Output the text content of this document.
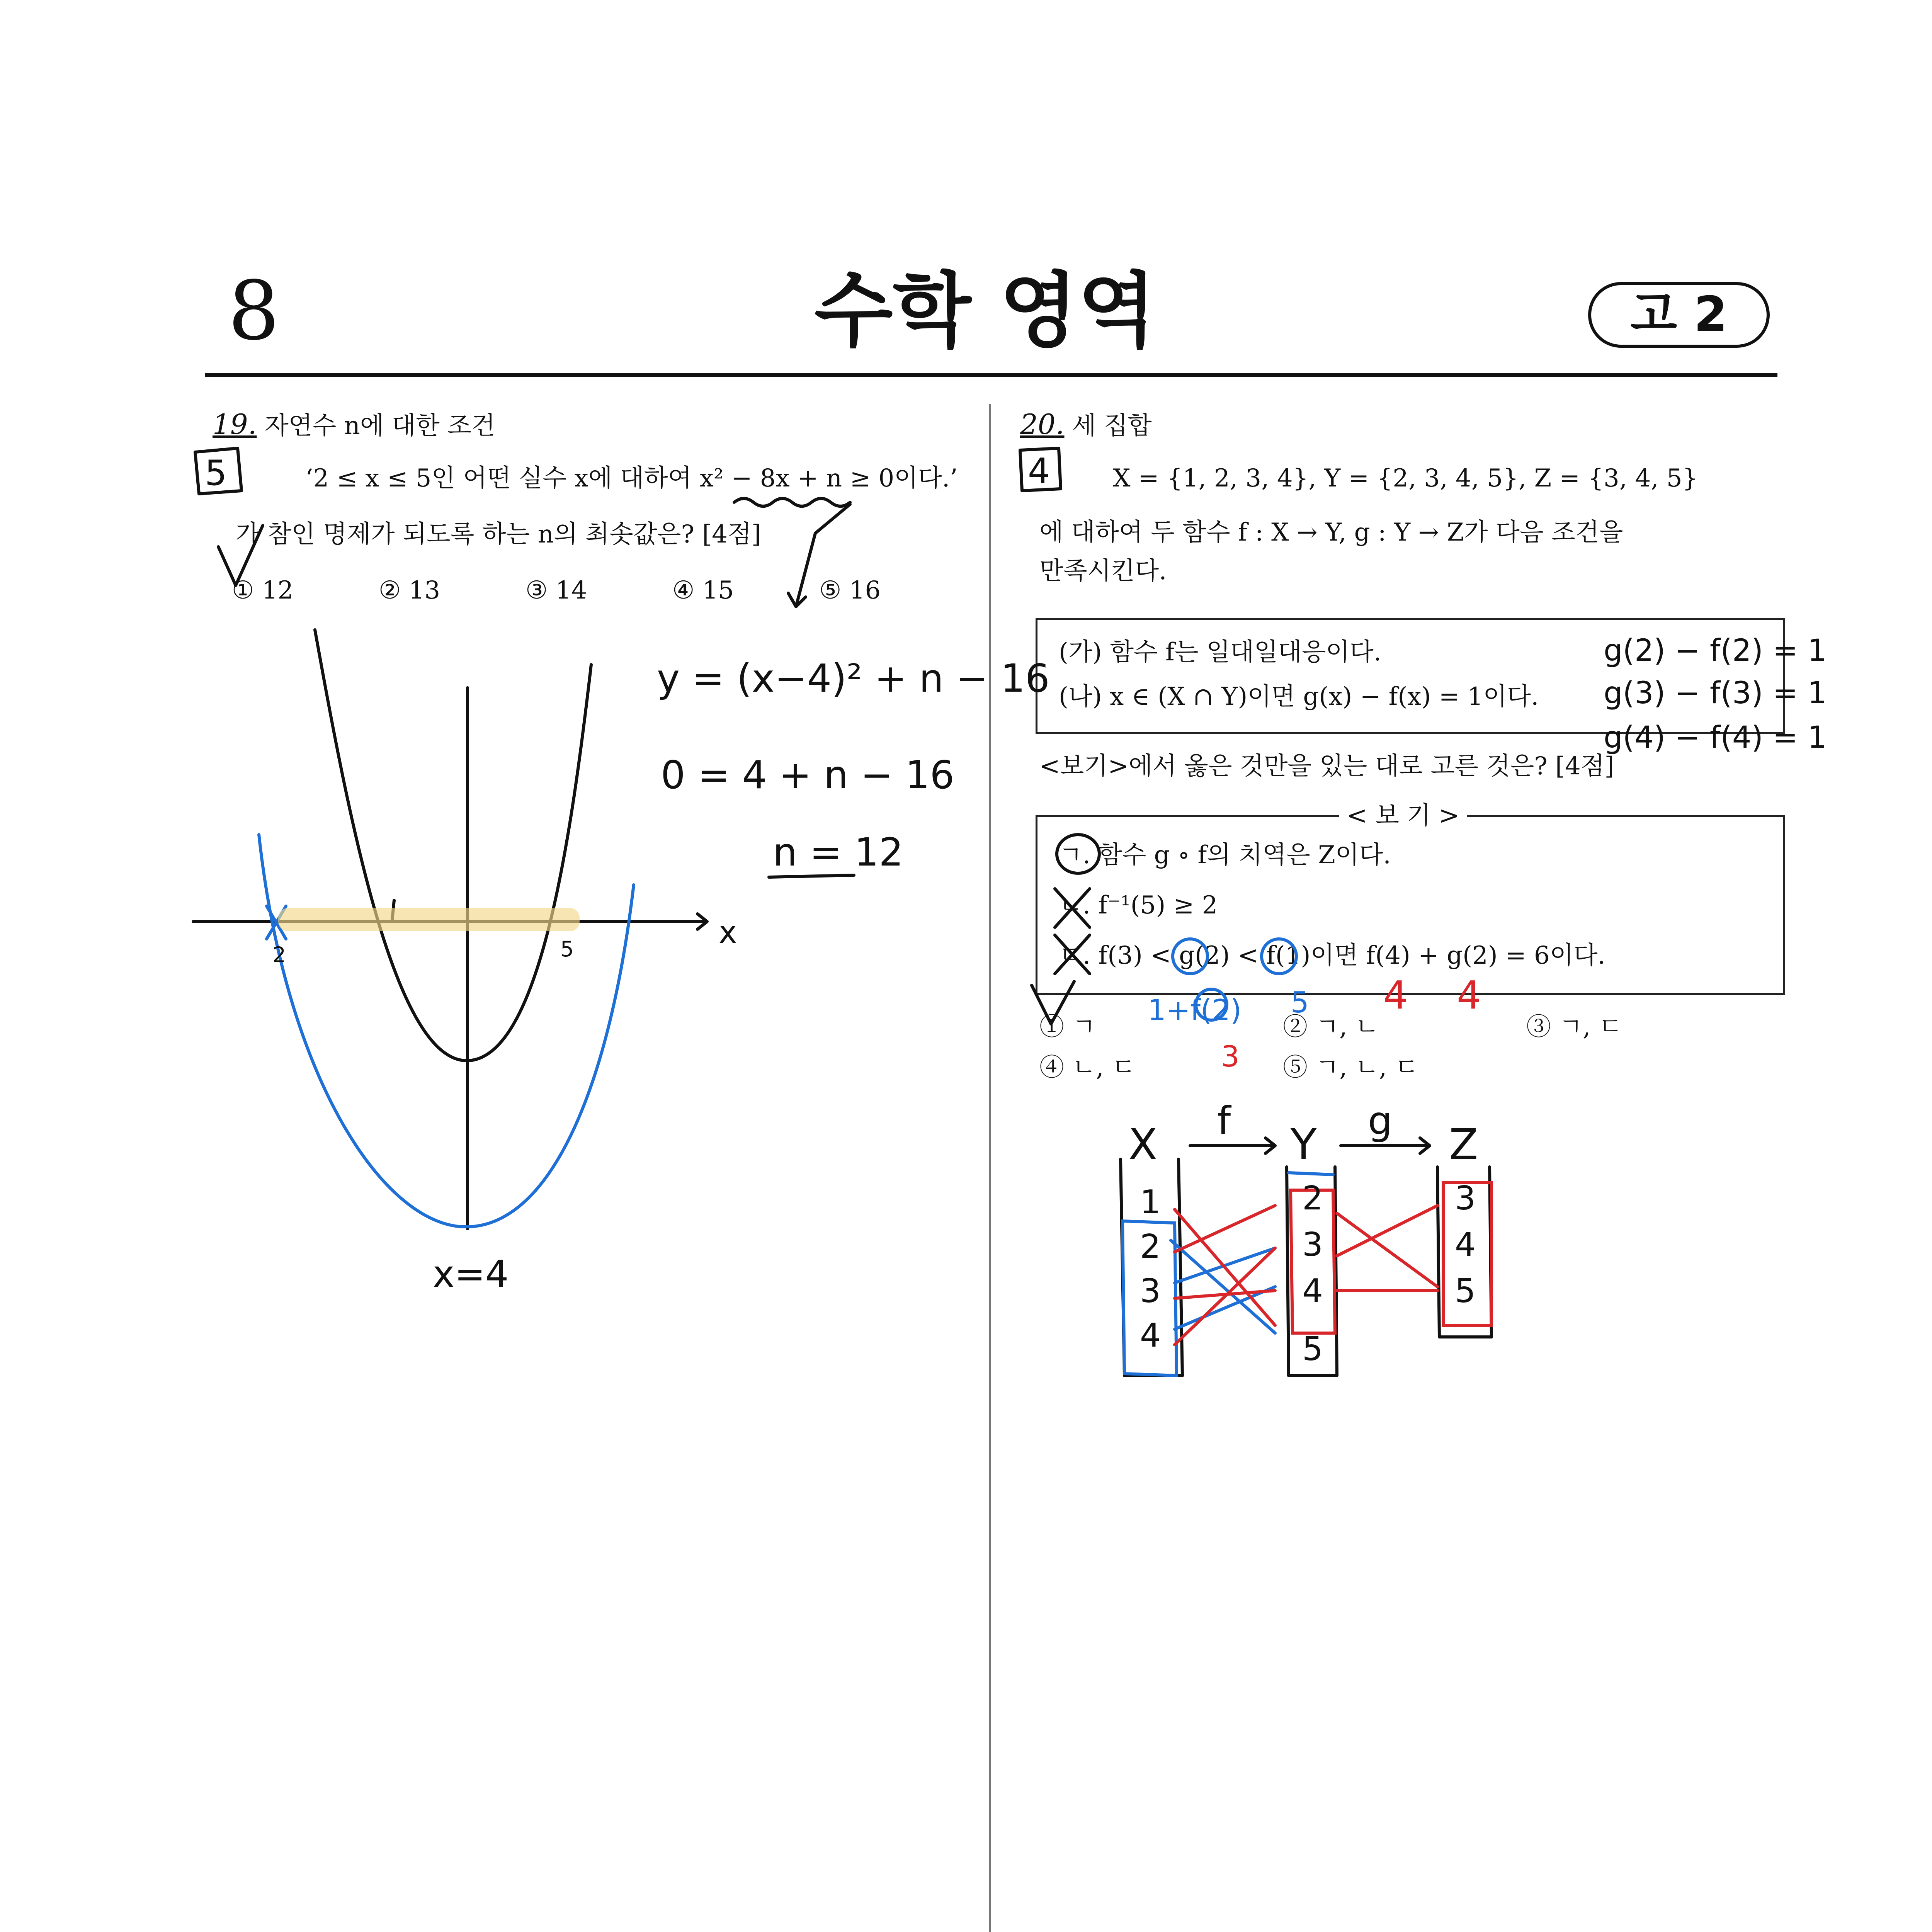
8	수학 영역	고 2
19. 자연수 n에 대한 조건
‘2 ≤ x ≤ 5인 어떤 실수 x에 대하여 x² − 8x + n ≥ 0이다.’
가 참인 명제가 되도록 하는 n의 최솟값은? [4점]
① 12	② 13	③ 14	④ 15	⑤ 16
20. 세 집합
X = {1, 2, 3, 4}, Y = {2, 3, 4, 5}, Z = {3, 4, 5}
에 대하여 두 함수 f : X → Y, g : Y → Z가 다음 조건을
만족시킨다.
(가) 함수 f는 일대일대응이다.
(나) x ∈ (X ∩ Y)이면 g(x) − f(x) = 1이다.
<보기>에서 옳은 것만을 있는 대로 고른 것은? [4점]
< 보 기 >
ㄱ. 함수 g ∘ f의 치역은 Z이다.
ㄴ. f⁻¹(5) ≥ 2
ㄷ. f(3) < g(2) < f(1)이면 f(4) + g(2) = 6이다.
① ㄱ	② ㄱ, ㄴ	③ ㄱ, ㄷ
④ ㄴ, ㄷ	⑤ ㄱ, ㄴ, ㄷ
5
y = (x−4)² + n − 16
0 = 4 + n − 16
n = 12
x
2	5
x=4
4
g(2) − f(2) = 1
g(3) − f(3) = 1
g(4) − f(4) = 1
1+f(2)
3
5 4 4
X	Y	Z
f	g
1
2
3
4
2
3
4
5
3
4
5
